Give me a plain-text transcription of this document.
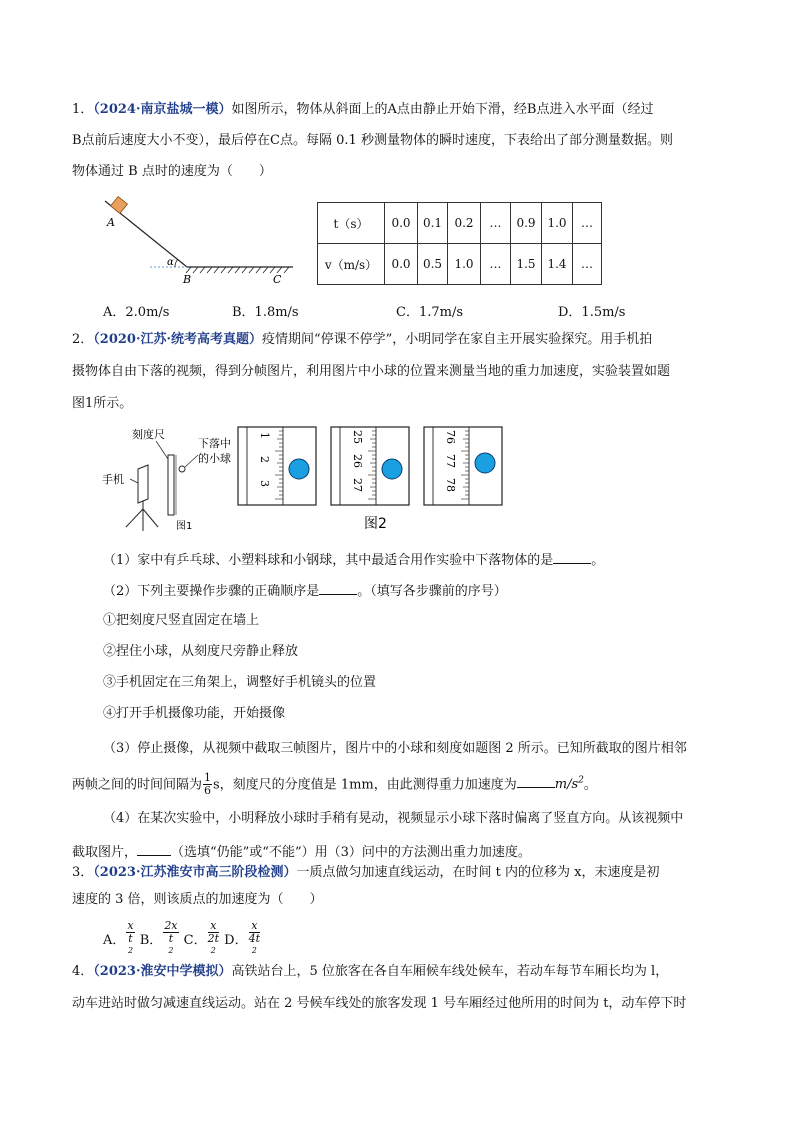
1．（2024·南京盐城一模）如图所示，物体从斜面上的A点由静止开始下滑，经B点进入水平面（经过
B点前后速度大小不变），最后停在C点。每隔 0.1 秒测量物体的瞬时速度，下表给出了部分测量数据。则
物体通过 B 点时的速度为（　　）
A
α
B	C
t（s）	0.0	0.1	0.2	…	0.9	1.0	…
v（m/s）	0.0	0.5	1.0	…	1.5	1.4	…
A．2.0m/s	B．1.8m/s	C．1.7m/s	D．1.5m/s
2．（2020·江苏·统考高考真题）疫情期间“停课不停学”，小明同学在家自主开展实验探究。用手机拍
摄物体自由下落的视频，得到分帧图片，利用图片中小球的位置来测量当地的重力加速度，实验装置如题
图1所示。
刻度尺
下落中
的小球
手机
图1
1
2
3
25
26
27
76
77
78
图2
（1）家中有乒乓球、小塑料球和小钢球，其中最适合用作实验中下落物体的是	。
（2）下列主要操作步骤的正确顺序是	。（填写各步骤前的序号）
①把刻度尺竖直固定在墙上
②捏住小球，从刻度尺旁静止释放
③手机固定在三角架上，调整好手机镜头的位置
④打开手机摄像功能，开始摄像
（3）停止摄像，从视频中截取三帧图片，图片中的小球和刻度如题图 2 所示。已知所截取的图片相邻
两帧之间的时间间隔为 $\frac{1}{6}$ s，刻度尺的分度值是 1mm，由此测得重力加速度为	$m/s^2$。
（4）在某次实验中，小明释放小球时手稍有晃动，视频显示小球下落时偏离了竖直方向。从该视频中
截取图片，	（选填“仍能”或“不能”）用（3）问中的方法测出重力加速度。
3．（2023·江苏淮安市高三阶段检测）一质点做匀加速直线运动，在时间 t 内的位移为 x，末速度是初
速度的 3 倍，则该质点的加速度为（　　）
A． x
t
$^2$ B． 2x
t
$^2$ C． x
2t
$^2$ D． x
4t
$^2$
4．（2023·淮安中学模拟）高铁站台上，5 位旅客在各自车厢候车线处候车，若动车每节车厢长均为 l，
动车进站时做匀减速直线运动。站在 2 号候车线处的旅客发现 1 号车厢经过他所用的时间为 t，动车停下时
